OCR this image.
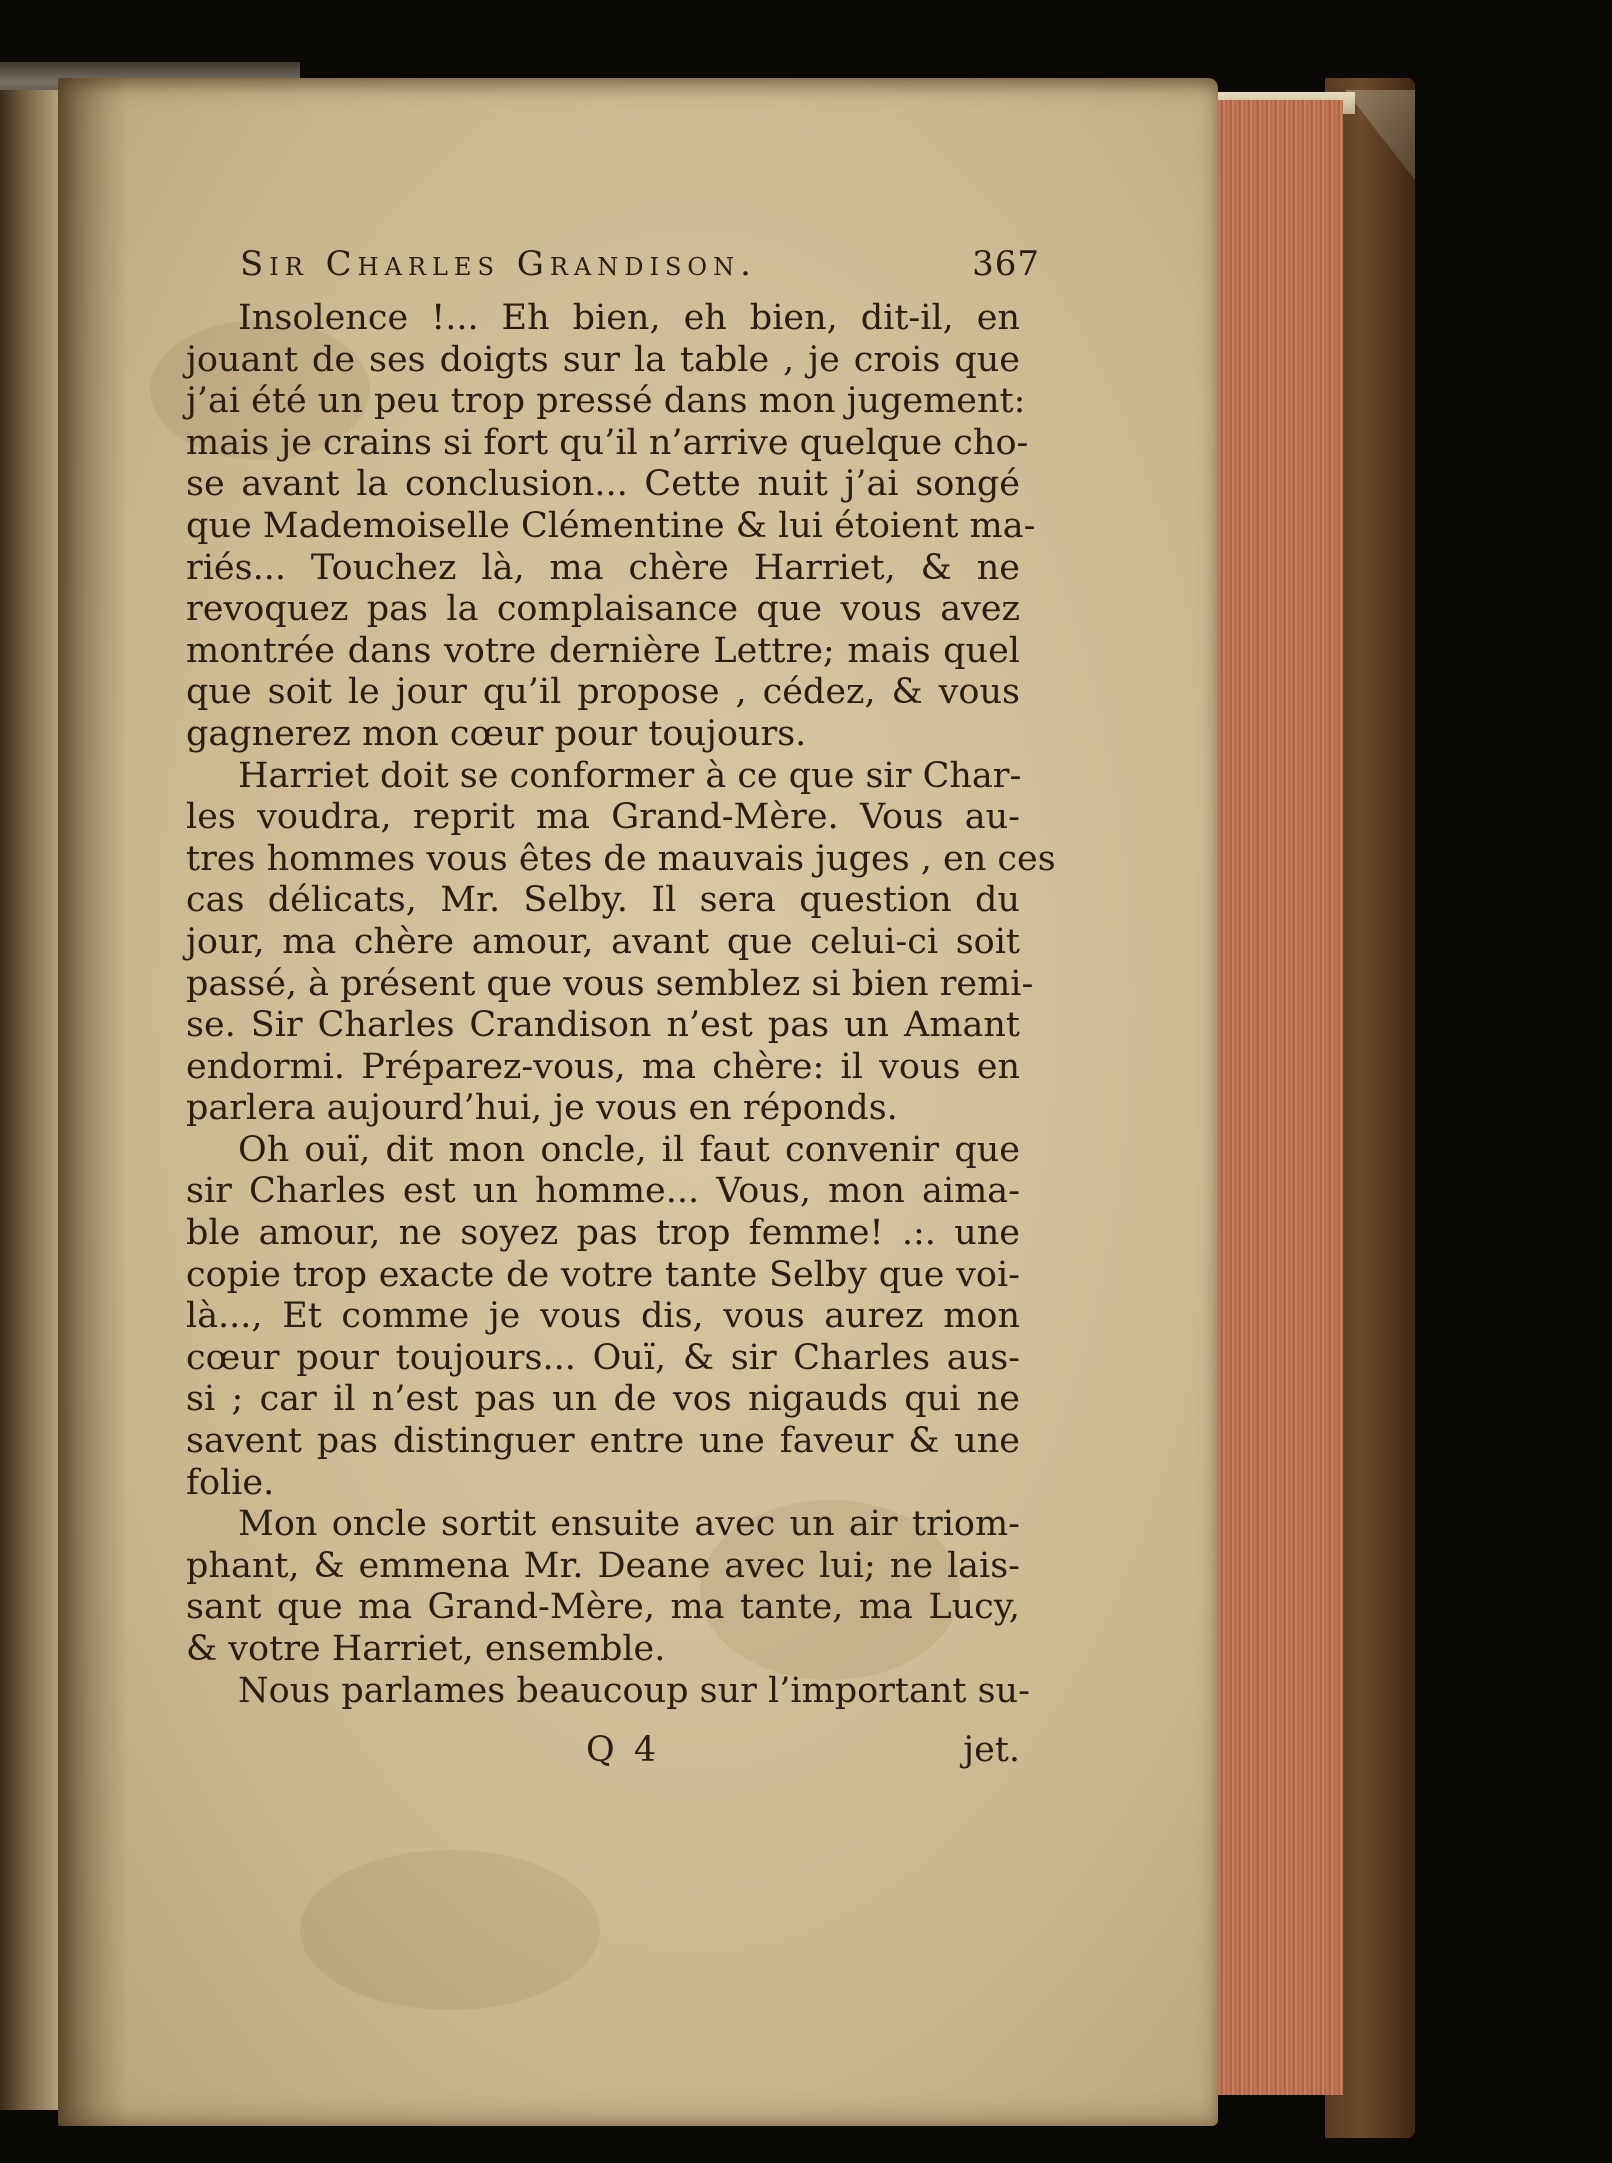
Sir Charles Grandison.	367
Insolence !... Eh bien, eh bien, dit-il, en
jouant de ses doigts sur la table , je crois que
j’ai été un peu trop pressé dans mon jugement:
mais je crains si fort qu’il n’arrive quelque cho-
se avant la conclusion... Cette nuit j’ai songé
que Mademoiselle Clémentine & lui étoient ma-
riés... Touchez là, ma chère Harriet, & ne
revoquez pas la complaisance que vous avez
montrée dans votre dernière Lettre; mais quel
que soit le jour qu’il propose , cédez, & vous
gagnerez mon cœur pour toujours.
Harriet doit se conformer à ce que sir Char-
les voudra, reprit ma Grand-Mère. Vous au-
tres hommes vous êtes de mauvais juges , en ces
cas délicats, Mr. Selby. Il sera question du
jour, ma chère amour, avant que celui-ci soit
passé, à présent que vous semblez si bien remi-
se. Sir Charles Crandison n’est pas un Amant
endormi. Préparez-vous, ma chère: il vous en
parlera aujourd’hui, je vous en réponds.
Oh ouï, dit mon oncle, il faut convenir que
sir Charles est un homme... Vous, mon aima-
ble amour, ne soyez pas trop femme! .:. une
copie trop exacte de votre tante Selby que voi-
là..., Et comme je vous dis, vous aurez mon
cœur pour toujours... Ouï, & sir Charles aus-
si ; car il n’est pas un de vos nigauds qui ne
savent pas distinguer entre une faveur & une
folie.
Mon oncle sortit ensuite avec un air triom-
phant, & emmena Mr. Deane avec lui; ne lais-
sant que ma Grand-Mère, ma tante, ma Lucy,
& votre Harriet, ensemble.
Nous parlames beaucoup sur l’important su-
Q 4	jet.
